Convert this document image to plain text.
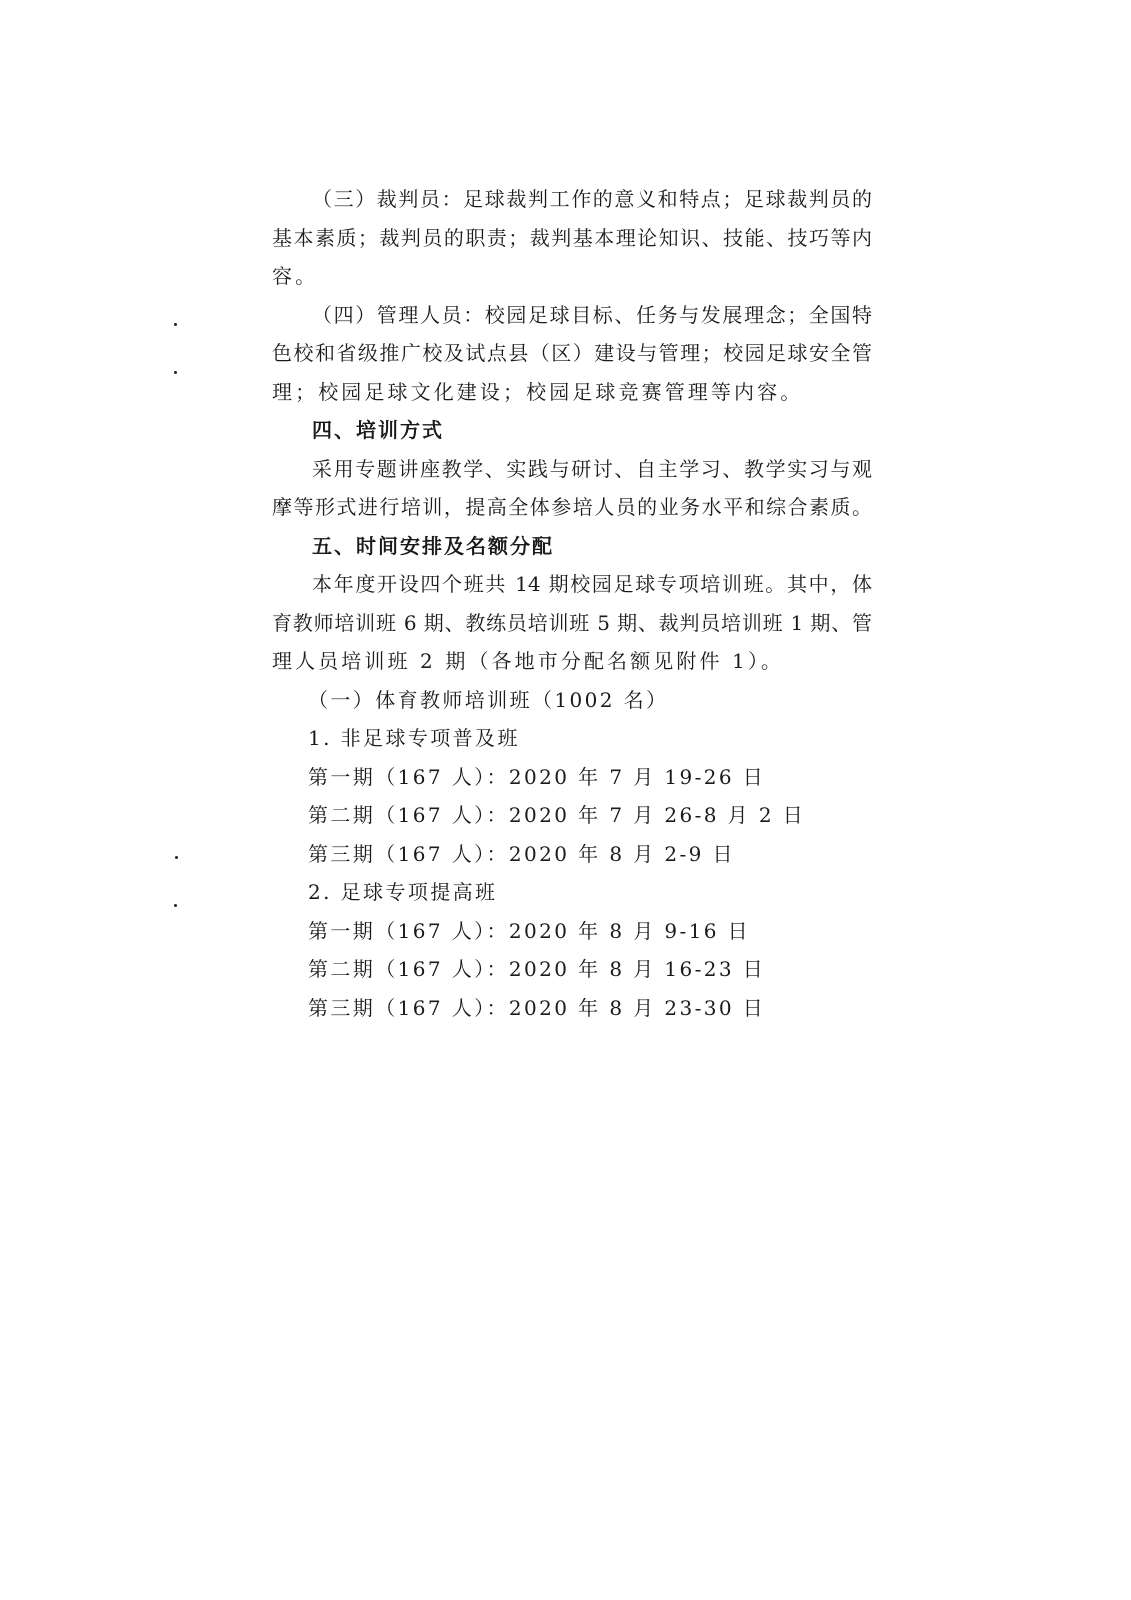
（三）裁判员：足球裁判工作的意义和特点；足球裁判员的
基本素质；裁判员的职责；裁判基本理论知识、技能、技巧等内
容。
（四）管理人员：校园足球目标、任务与发展理念；全国特
色校和省级推广校及试点县（区）建设与管理；校园足球安全管
理；校园足球文化建设；校园足球竞赛管理等内容。
四、培训方式
采用专题讲座教学、实践与研讨、自主学习、教学实习与观
摩等形式进行培训，提高全体参培人员的业务水平和综合素质。
五、时间安排及名额分配
本年度开设四个班共 14 期校园足球专项培训班。其中，体
育教师培训班 6 期、教练员培训班 5 期、裁判员培训班 1 期、管
理人员培训班 2 期（各地市分配名额见附件 1）。
（一）体育教师培训班（1002 名）
1. 非足球专项普及班
第一期（167 人）：2020 年 7 月 19-26 日
第二期（167 人）：2020 年 7 月 26-8 月 2 日
第三期（167 人）：2020 年 8 月 2-9 日
2. 足球专项提高班
第一期（167 人）：2020 年 8 月 9-16 日
第二期（167 人）：2020 年 8 月 16-23 日
第三期（167 人）：2020 年 8 月 23-30 日
